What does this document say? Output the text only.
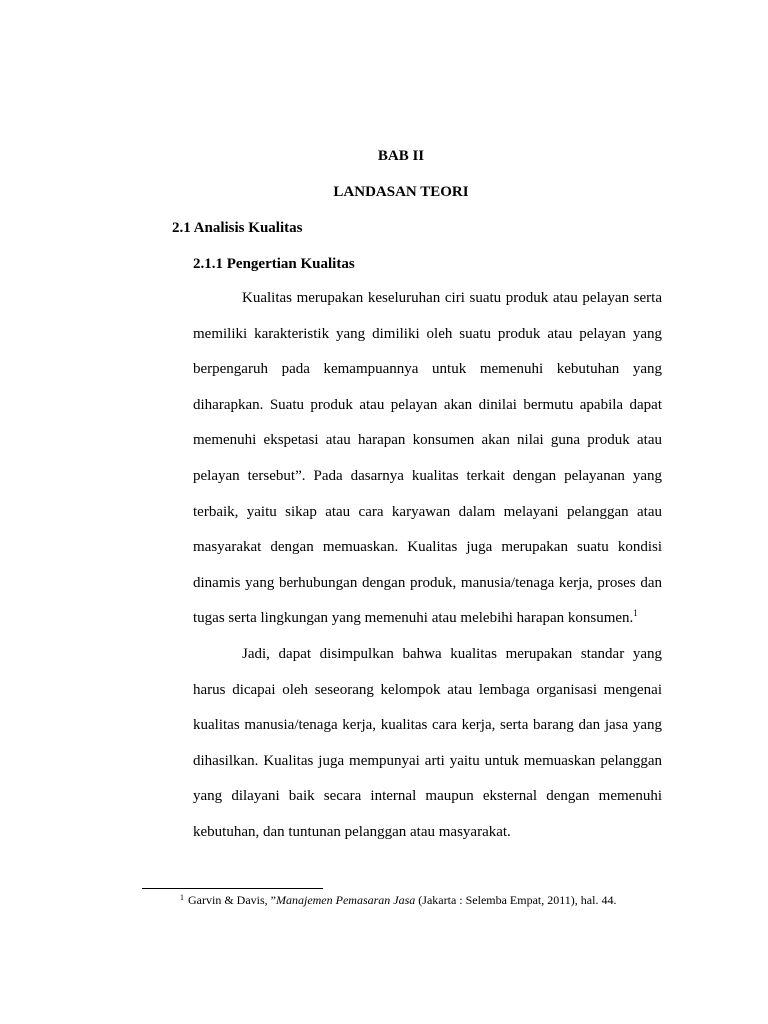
BAB II
LANDASAN TEORI
2.1 Analisis Kualitas
2.1.1 Pengertian Kualitas

Kualitas merupakan keseluruhan ciri suatu produk atau pelayan serta memiliki karakteristik yang dimiliki oleh suatu produk atau pelayan yang berpengaruh pada kemampuannya untuk memenuhi kebutuhan yang diharapkan. Suatu produk atau pelayan akan dinilai bermutu apabila dapat memenuhi ekspetasi atau harapan konsumen akan nilai guna produk atau pelayan tersebut”. Pada dasarnya kualitas terkait dengan pelayanan yang terbaik, yaitu sikap atau cara karyawan dalam melayani pelanggan atau masyarakat dengan memuaskan. Kualitas juga merupakan suatu kondisi dinamis yang berhubungan dengan produk, manusia/tenaga kerja, proses dan tugas serta lingkungan yang memenuhi atau melebihi harapan konsumen.$^1$

Jadi, dapat disimpulkan bahwa kualitas merupakan standar yang harus dicapai oleh seseorang kelompok atau lembaga organisasi mengenai kualitas manusia/tenaga kerja, kualitas cara kerja, serta barang dan jasa yang dihasilkan. Kualitas juga mempunyai arti yaitu untuk memuaskan pelanggan yang dilayani baik secara internal maupun eksternal dengan memenuhi kebutuhan, dan tuntunan pelanggan atau masyarakat.

$^1$ Garvin & Davis, ”Manajemen Pemasaran Jasa (Jakarta : Selemba Empat, 2011), hal. 44.
